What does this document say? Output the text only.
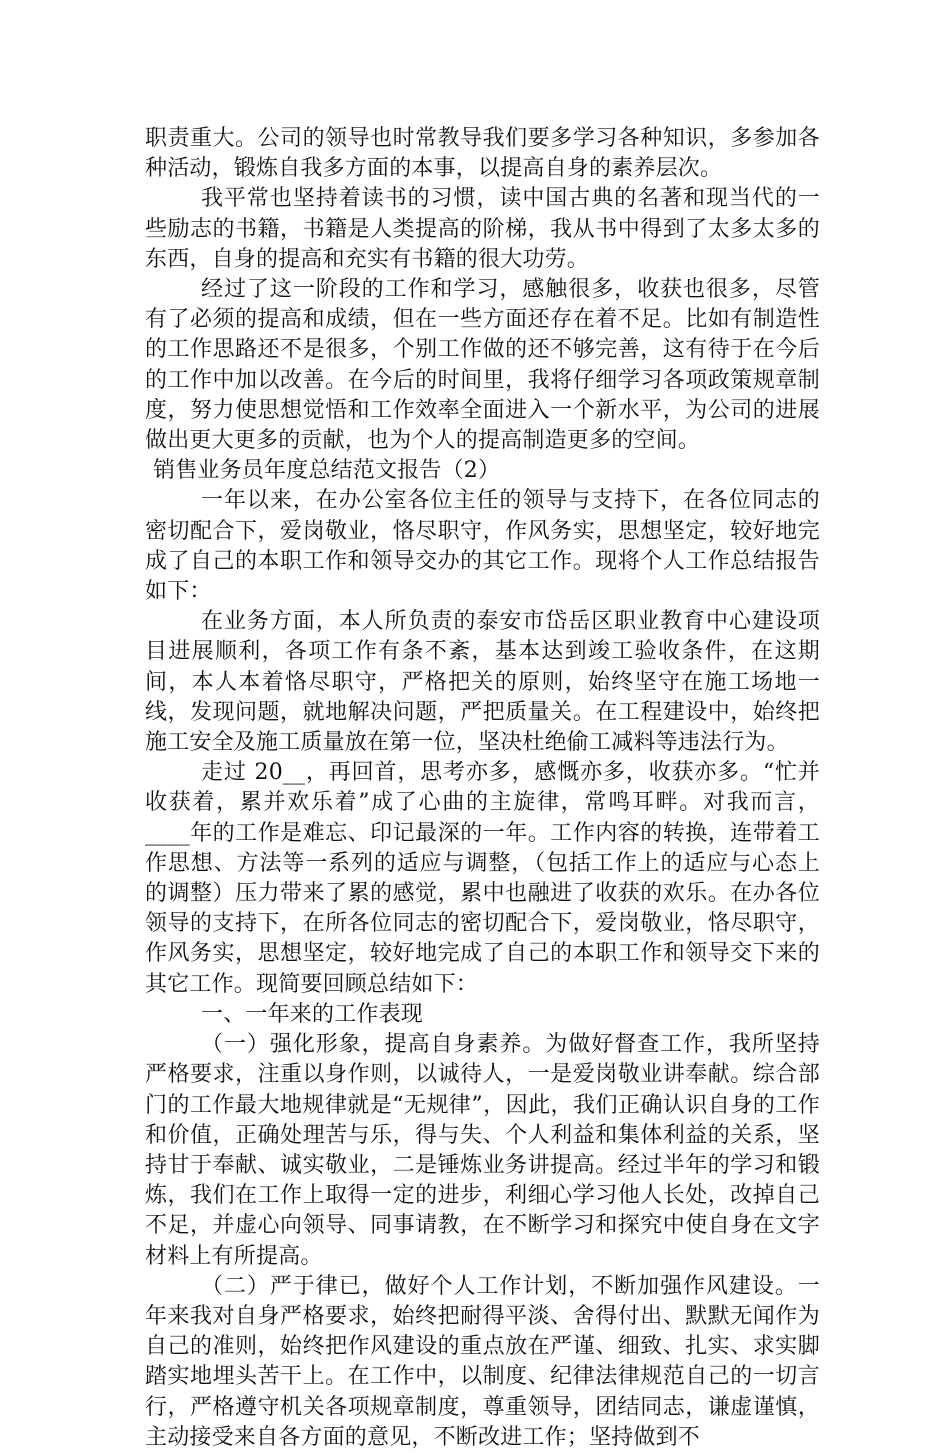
职责重大。公司的领导也时常教导我们要多学习各种知识，多参加各种活动，锻炼自我多方面的本事，以提高自身的素养层次。

我平常也坚持着读书的习惯，读中国古典的名著和现当代的一些励志的书籍，书籍是人类提高的阶梯，我从书中得到了太多太多的东西，自身的提高和充实有书籍的很大功劳。

经过了这一阶段的工作和学习，感触很多，收获也很多，尽管有了必须的提高和成绩，但在一些方面还存在着不足。比如有制造性的工作思路还不是很多，个别工作做的还不够完善，这有待于在今后的工作中加以改善。在今后的时间里，我将仔细学习各项政策规章制度，努力使思想觉悟和工作效率全面进入一个新水平，为公司的进展做出更大更多的贡献，也为个人的提高制造更多的空间。

销售业务员年度总结范文报告（2）

一年以来，在办公室各位主任的领导与支持下，在各位同志的密切配合下，爱岗敬业，恪尽职守，作风务实，思想坚定，较好地完成了自己的本职工作和领导交办的其它工作。现将个人工作总结报告如下：

在业务方面，本人所负责的泰安市岱岳区职业教育中心建设项目进展顺利，各项工作有条不紊，基本达到竣工验收条件，在这期间，本人本着恪尽职守，严格把关的原则，始终坚守在施工场地一线，发现问题，就地解决问题，严把质量关。在工程建设中，始终把施工安全及施工质量放在第一位，坚决杜绝偷工减料等违法行为。

走过 20__，再回首，思考亦多，感慨亦多，收获亦多。“忙并收获着，累并欢乐着”成了心曲的主旋律，常鸣耳畔。对我而言，____年的工作是难忘、印记最深的一年。工作内容的转换，连带着工作思想、方法等一系列的适应与调整，（包括工作上的适应与心态上的调整）压力带来了累的感觉，累中也融进了收获的欢乐。在办各位领导的支持下，在所各位同志的密切配合下，爱岗敬业，恪尽职守，作风务实，思想坚定，较好地完成了自己的本职工作和领导交下来的其它工作。现简要回顾总结如下：

一、一年来的工作表现

（一）强化形象，提高自身素养。为做好督查工作，我所坚持严格要求，注重以身作则，以诚待人，一是爱岗敬业讲奉献。综合部门的工作最大地规律就是“无规律”，因此，我们正确认识自身的工作和价值，正确处理苦与乐，得与失、个人利益和集体利益的关系，坚持甘于奉献、诚实敬业，二是锤炼业务讲提高。经过半年的学习和锻炼，我们在工作上取得一定的进步，利细心学习他人长处，改掉自己不足，并虚心向领导、同事请教，在不断学习和探究中使自身在文字材料上有所提高。

（二）严于律已，做好个人工作计划，不断加强作风建设。一年来我对自身严格要求，始终把耐得平淡、舍得付出、默默无闻作为自己的准则，始终把作风建设的重点放在严谨、细致、扎实、求实脚踏实地埋头苦干上。在工作中，以制度、纪律法律规范自己的一切言行，严格遵守机关各项规章制度，尊重领导，团结同志，谦虚谨慎，主动接受来自各方面的意见，不断改进工作；坚持做到不
